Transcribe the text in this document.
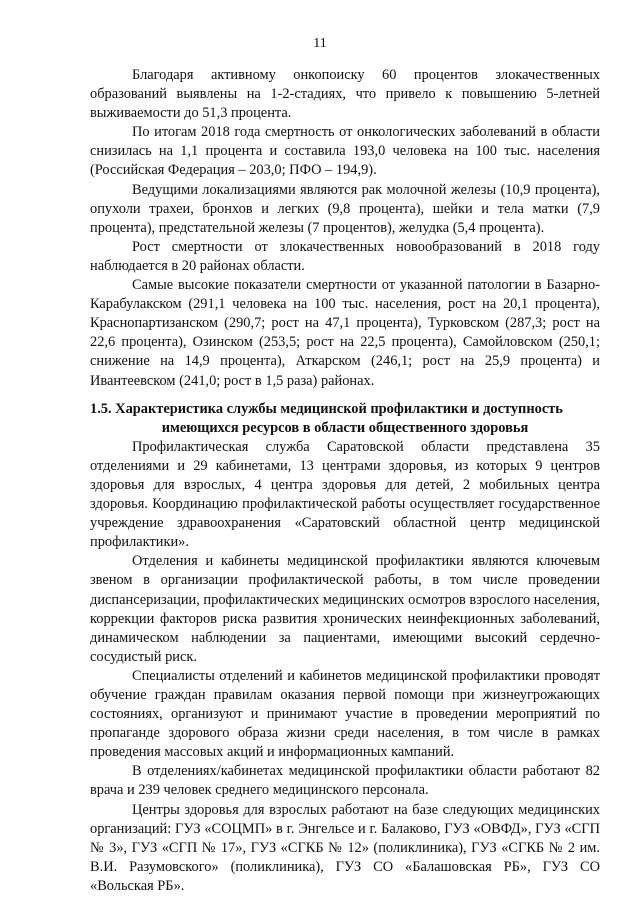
11

Благодаря активному онкопоиску 60 процентов злокачественных образований выявлены на 1-2-стадиях, что привело к повышению 5-летней выживаемости до 51,3 процента.

По итогам 2018 года смертность от онкологических заболеваний в области снизилась на 1,1 процента и составила 193,0 человека на 100 тыс. населения (Российская Федерация – 203,0; ПФО – 194,9).

Ведущими локализациями являются рак молочной железы (10,9 процента), опухоли трахеи, бронхов и легких (9,8 процента), шейки и тела матки (7,9 процента), предстательной железы (7 процентов), желудка (5,4 процента).

Рост смертности от злокачественных новообразований в 2018 году наблюдается в 20 районах области.

Самые высокие показатели смертности от указанной патологии в Базарно-Карабулакском (291,1 человека на 100 тыс. населения, рост на 20,1 процента), Краснопартизанском (290,7; рост на 47,1 процента), Турковском (287,3; рост на 22,6 процента), Озинском (253,5; рост на 22,5 процента), Самойловском (250,1; снижение на 14,9 процента), Аткарском (246,1; рост на 25,9 процента) и Ивантеевском (241,0; рост в 1,5 раза) районах.

1.5. Характеристика службы медицинской профилактики и доступность
имеющихся ресурсов в области общественного здоровья

Профилактическая служба Саратовской области представлена 35 отделениями и 29 кабинетами, 13 центрами здоровья, из которых 9 центров здоровья для взрослых, 4 центра здоровья для детей, 2 мобильных центра здоровья. Координацию профилактической работы осуществляет государственное учреждение здравоохранения «Саратовский областной центр медицинской профилактики».

Отделения и кабинеты медицинской профилактики являются ключевым звеном в организации профилактической работы, в том числе проведении диспансеризации, профилактических медицинских осмотров взрослого населения, коррекции факторов риска развития хронических неинфекционных заболеваний, динамическом наблюдении за пациентами, имеющими высокий сердечно-сосудистый риск.

Специалисты отделений и кабинетов медицинской профилактики проводят обучение граждан правилам оказания первой помощи при жизнеугрожающих состояниях, организуют и принимают участие в проведении мероприятий по пропаганде здорового образа жизни среди населения, в том числе в рамках проведения массовых акций и информационных кампаний.

В отделениях/кабинетах медицинской профилактики области работают 82 врача и 239 человек среднего медицинского персонала.

Центры здоровья для взрослых работают на базе следующих медицинских организаций: ГУЗ «СОЦМП» в г. Энгельсе и г. Балаково, ГУЗ «ОВФД», ГУЗ «СГП № 3», ГУЗ «СГП № 17», ГУЗ «СГКБ № 12» (поликлиника), ГУЗ «СГКБ № 2 им. В.И. Разумовского» (поликлиника), ГУЗ СО «Балашовская РБ», ГУЗ СО «Вольская РБ».
